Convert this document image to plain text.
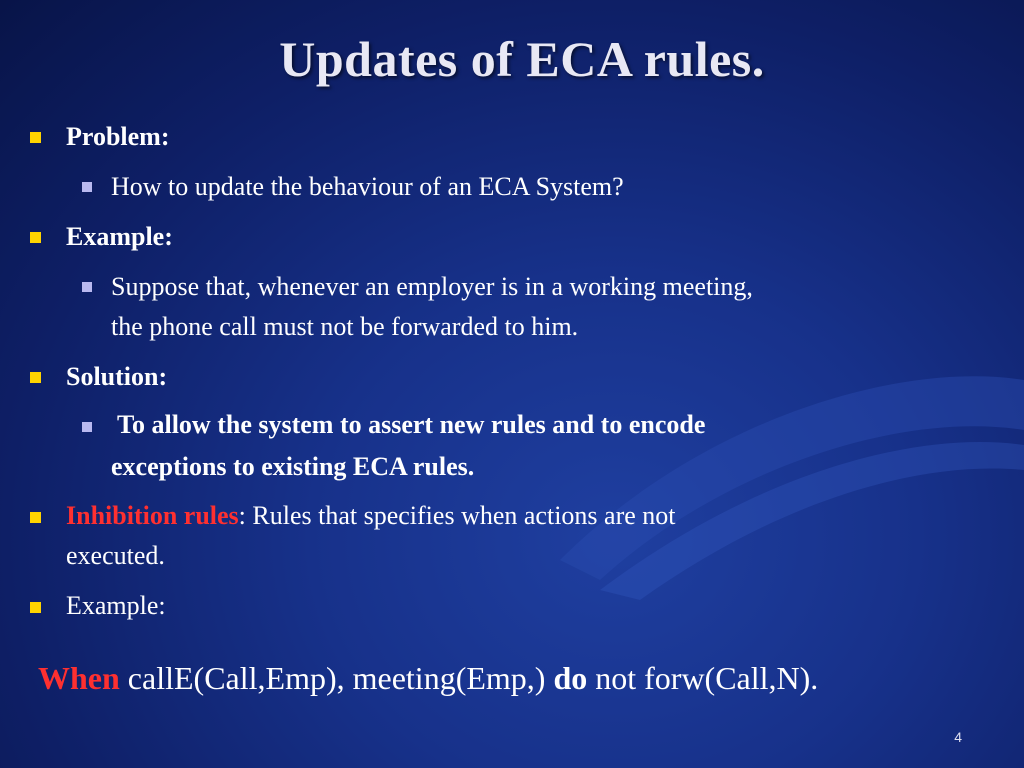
Updates of ECA rules.
Problem:
How to update the behaviour of an ECA System?
Example:
Suppose that, whenever an employer is in a working meeting,
the phone call must not be forwarded to him.
Solution:
To allow the system to assert new rules and to encode
exceptions to existing ECA rules.
Inhibition rules: Rules that specifies when actions are not
executed.
Example:
When callE(Call,Emp), meeting(Emp,) do not forw(Call,N).
4
